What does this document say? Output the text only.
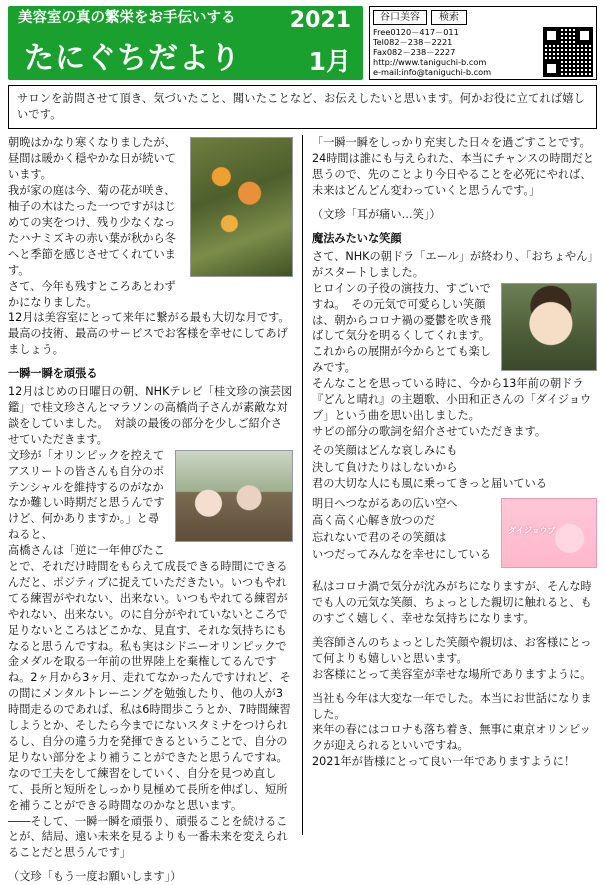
美容室の真の繁栄をお手伝いする 2021
たにぐちだより	1月
谷口美容	検索
Free0120－417－011
Tel082－238－2221
Fax082－238－2227
http://www.taniguchi-b.com
e-mail:info@taniguchi-b.com
サロンを訪問させて頂き、気づいたこと、聞いたことなど、お伝えしたいと思います。何かお役に立てれば嬉しいです。

朝晩はかなり寒くなりましたが、昼間は暖かく穏やかな日が続いています。

我が家の庭は今、菊の花が咲き、柚子の木はたった一つですがはじめての実をつけ、残り少なくなったハナミズキの赤い葉が秋から冬へと季節を感じさせてくれています。

さて、今年も残すところあとわずかになりました。

12月は美容室にとって来年に繋がる最も大切な月です。

最高の技術、最高のサービスでお客様を幸せにしてあげましょう。

一瞬一瞬を頑張る

12月はじめの日曜日の朝、NHKテレビ「桂文珍の演芸図鑑」で桂文珍さんとマラソンの高橋尚子さんが素敵な対談をしていました。　対談の最後の部分を少しご紹介させていただきます。

文珍が「オリンピックを控えてアスリートの皆さんも自分のポテンシャルを維持するのがなかなか難しい時期だと思うんですけど、何かありますか。」と尋ねると、

高橋さんは「逆に一年伸びたことで、それだけ時間をもらえて成長できる時間にできるんだと、ポジティブに捉えていただきたい。いつもやれてる練習がやれない、出来ない。いつもやれてる練習がやれない、出来ない。のに自分がやれていないところで足りないところはどこかな、見直す、それな気持ちにもなると思うんですね。私も実はシドニーオリンピックで金メダルを取る一年前の世界陸上を棄権してるんですね。2ヶ月から3ヶ月、走れてなかったんですけれど、その間にメンタルトレーニングを勉強したり、他の人が3時間走るのであれば、私は6時間歩こうとか、7時間練習しようとか、そしたら今までにないスタミナをつけられるし、自分の違う力を発揮できるということで、自分の足りない部分をより補うことができたと思うんですね。なので工夫をして練習をしていく、自分を見つめ直して、長所と短所をしっかり見極めて長所を伸ばし、短所を補うことができる時間なのかなと思います。

――そして、一瞬一瞬を頑張り、頑張ることを続けることが、結局、遠い未来を見るよりも一番未来を変えられることだと思うんです」

（文珍「もう一度お願いします」）

「一瞬一瞬をしっかり充実した日々を過ごすことです。24時間は誰にも与えられた、本当にチャンスの時間だと思うので、先のことより今日やることを必死にやれば、未来はどんどん変わっていくと思うんです。」

（文珍「耳が痛い…笑」）

魔法みたいな笑顔

さて、NHKの朝ドラ「エール」が終わり、「おちょやん」がスタートしました。

ヒロインの子役の演技力、すごいですね。　その元気で可愛らしい笑顔は、朝からコロナ禍の憂鬱を吹き飛ばして気分を明るくしてくれます。

これからの展開が今からとても楽しみです。

そんなことを思っている時に、今から13年前の朝ドラ『どんと晴れ』の主題歌、小田和正さんの「ダイジョウブ」という曲を思い出しました。

サビの部分の歌詞を紹介させていただきます。

その笑顔はどんな哀しみにも
決して負けたりはしないから
君の大切な人にも風に乗ってきっと届いている
ダイジョウブ
明日へつながるあの広い空へ
高く高く心解き放つのだ
忘れないで君のその笑顔は
いつだってみんなを幸せにしている

私はコロナ渦で気分が沈みがちになりますが、そんな時でも人の元気な笑顔、ちょっとした親切に触れると、ものすごく嬉しく、幸せな気持ちになります。

美容師さんのちょっとした笑顔や親切は、お客様にとって何よりも嬉しいと思います。

お客様にとって美容室が幸せな場所でありますように。

当社も今年は大変な一年でした。本当にお世話になりました。

来年の春にはコロナも落ち着き、無事に東京オリンピックが迎えられるといいですね。

2021年が皆様にとって良い一年でありますように！
